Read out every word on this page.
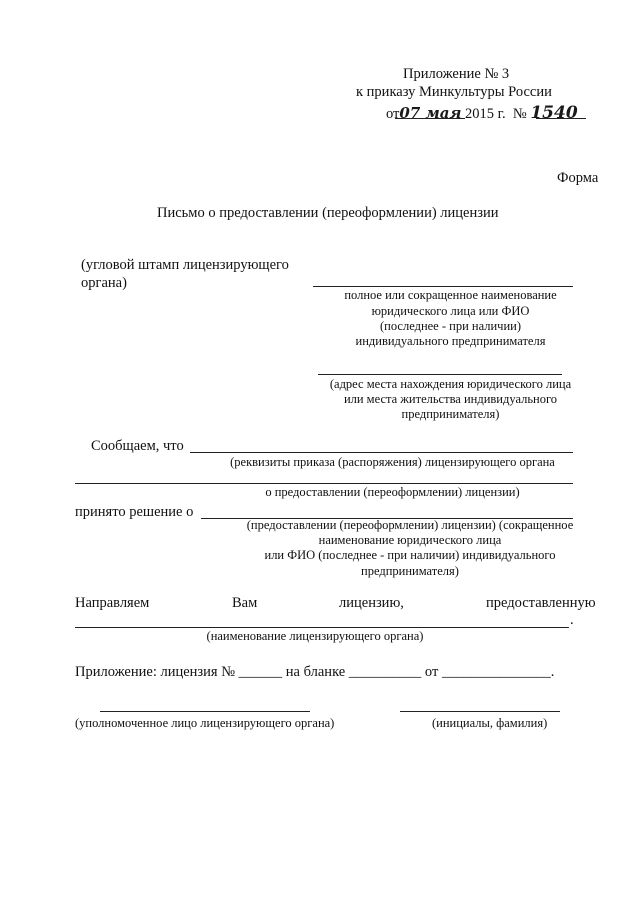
Приложение № 3
к приказу Минкультуры России
от07 мая 2015 г. № 1540
Форма
Письмо о предоставлении (переоформлении) лицензии
(угловой штамп лицензирующего
органа)
полное или сокращенное наименование
юридического лица или ФИО
(последнее - при наличии)
индивидуального предпринимателя
(адрес места нахождения юридического лица
или места жительства индивидуального
предпринимателя)
Сообщаем, что
(реквизиты приказа (распоряжения) лицензирующего органа
о предоставлении (переоформлении) лицензии)
принято решение о
(предоставлении (переоформлении) лицензии) (сокращенное
наименование юридического лица
или ФИО (последнее - при наличии) индивидуального
предпринимателя)
Направляем	Вам	лицензию,	предоставленную
.
(наименование лицензирующего органа)
Приложение: лицензия № ______ на бланке __________ от _______________.
(уполномоченное лицо лицензирующего органа)	(инициалы, фамилия)
